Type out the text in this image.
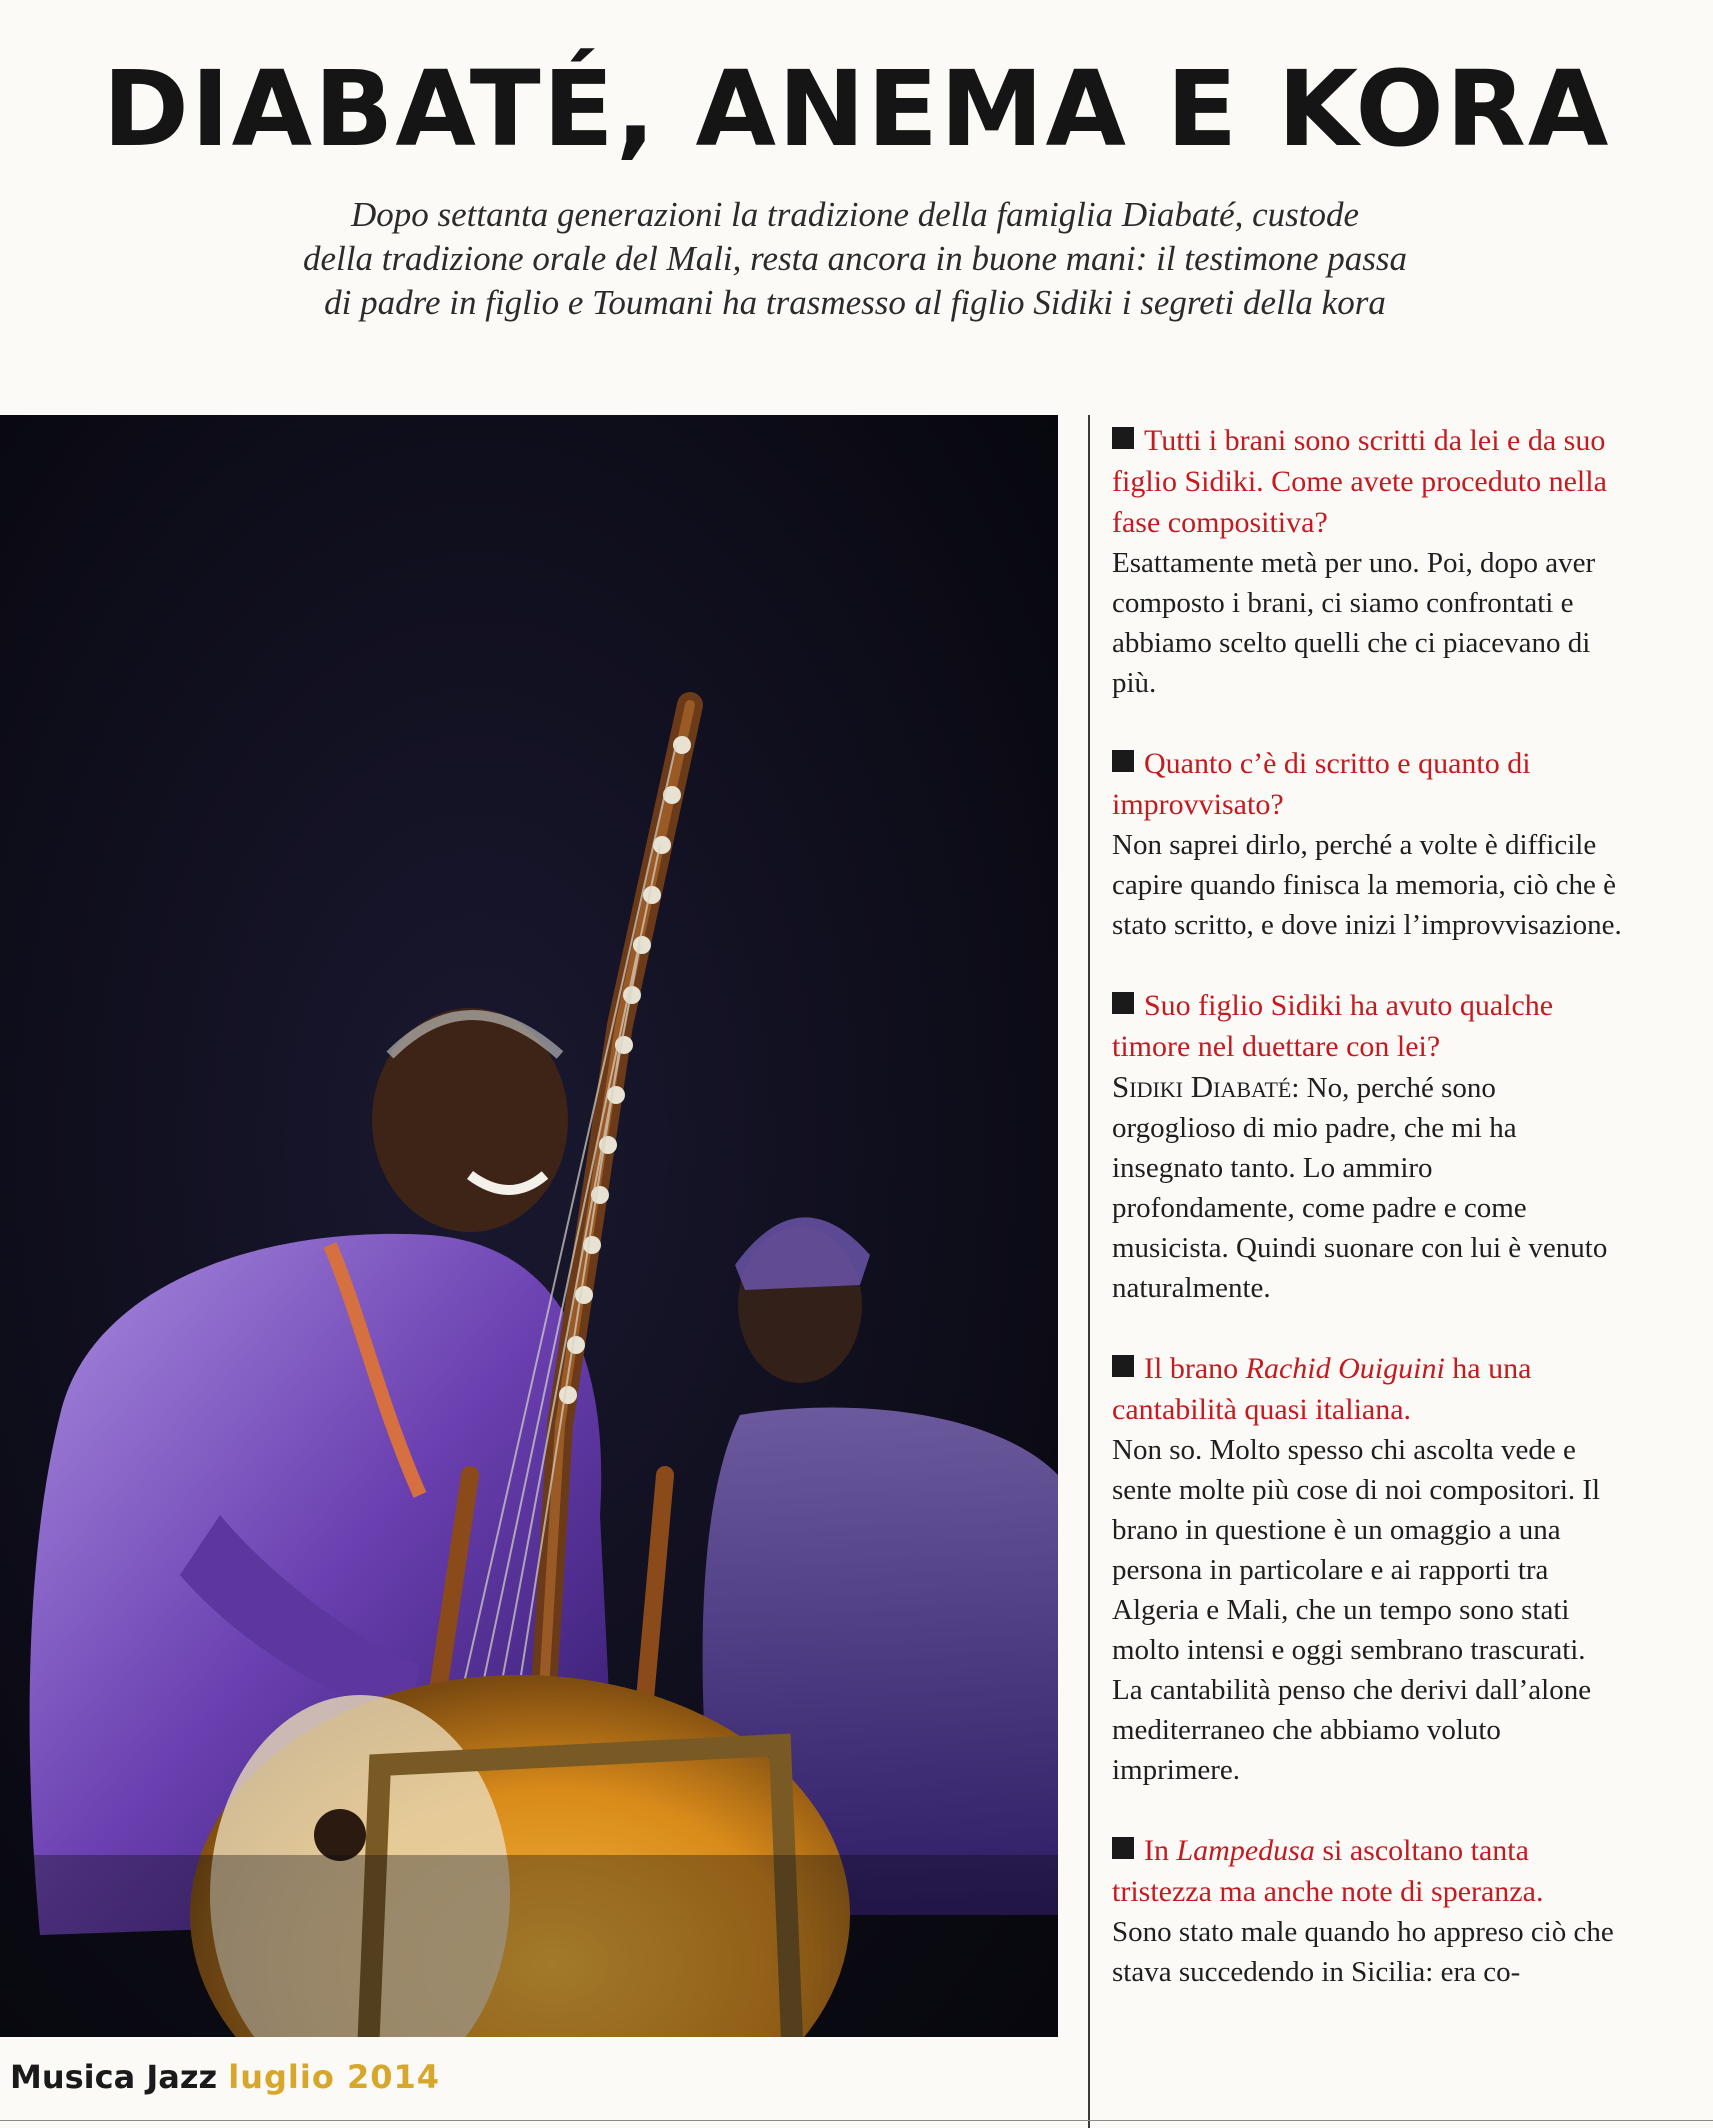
DIABATÉ, ANEMA E KORA

Dopo settanta generazioni la tradizione della famiglia Diabaté, custode
della tradizione orale del Mali, resta ancora in buone mani: il testimone passa
di padre in figlio e Toumani ha trasmesso al figlio Sidiki i segreti della kora

Tutti i brani sono scritti da lei e da suo figlio Sidiki. Come avete proceduto nella fase compositiva?

Esattamente metà per uno. Poi, dopo aver composto i brani, ci siamo confrontati e abbiamo scelto quelli che ci piacevano di più.

Quanto c’è di scritto e quanto di improvvisato?

Non saprei dirlo, perché a volte è difficile capire quando finisca la memoria, ciò che è stato scritto, e dove inizi l’improvvisazione.

Suo figlio Sidiki ha avuto qualche timore nel duettare con lei?

Sidiki Diabaté: No, perché sono orgoglioso di mio padre, che mi ha insegnato tanto. Lo ammiro profondamente, come padre e come musicista. Quindi suonare con lui è venuto naturalmente.

Il brano Rachid Ouiguini ha una cantabilità quasi italiana.

Non so. Molto spesso chi ascolta vede e sente molte più cose di noi compositori. Il brano in questione è un omaggio a una persona in particolare e ai rapporti tra Algeria e Mali, che un tempo sono stati molto intensi e oggi sembrano trascurati. La cantabilità penso che derivi dall’alone mediterraneo che abbiamo voluto imprimere.

In Lampedusa si ascoltano tanta tristezza ma anche note di speranza.

Sono stato male quando ho appreso ciò che stava succedendo in Sicilia: era co-

Musica Jazz luglio 2014
